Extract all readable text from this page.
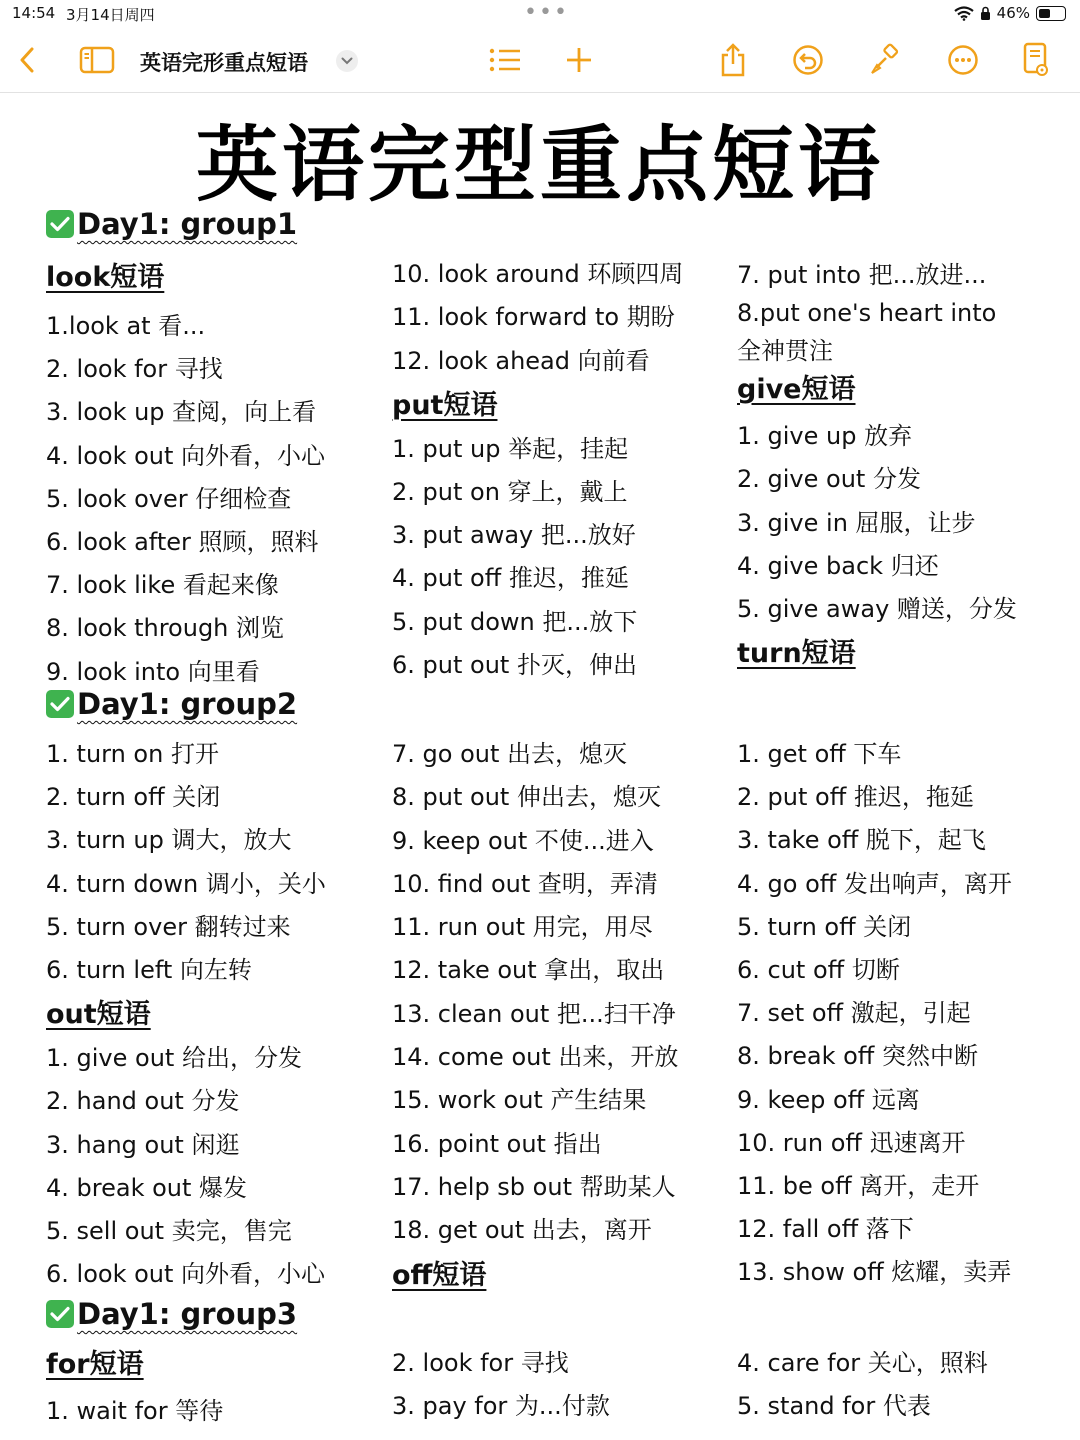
14:54 3月14日周四	•••	46%
英语完形重点短语
英语完型重点短语
Day1: group1
Day1: group2
Day1: group3
look短语
1.look at 看...
2. look for 寻找
3. look up 查阅，向上看
4. look out 向外看，小心
5. look over 仔细检查
6. look after 照顾，照料
7. look like 看起来像
8. look through 浏览
9. look into 向里看
10. look around 环顾四周
11. look forward to 期盼
12. look ahead 向前看
put短语
1. put up 举起，挂起
2. put on 穿上，戴上
3. put away 把...放好
4. put off 推迟，推延
5. put down 把...放下
6. put out 扑灭，伸出
7. put into 把...放进...
8.put one's heart into
全神贯注
give短语
1. give up 放弃
2. give out 分发
3. give in 屈服，让步
4. give back 归还
5. give away 赠送，分发
turn短语
1. turn on 打开
2. turn off 关闭
3. turn up 调大，放大
4. turn down 调小，关小
5. turn over 翻转过来
6. turn left 向左转
out短语
1. give out 给出，分发
2. hand out 分发
3. hang out 闲逛
4. break out 爆发
5. sell out 卖完，售完
6. look out 向外看，小心
7. go out 出去，熄灭
8. put out 伸出去，熄灭
9. keep out 不使...进入
10. find out 查明，弄清
11. run out 用完，用尽
12. take out 拿出，取出
13. clean out 把...扫干净
14. come out 出来，开放
15. work out 产生结果
16. point out 指出
17. help sb out 帮助某人
18. get out 出去，离开
off短语
1. get off 下车
2. put off 推迟，拖延
3. take off 脱下，起飞
4. go off 发出响声，离开
5. turn off 关闭
6. cut off 切断
7. set off 激起，引起
8. break off 突然中断
9. keep off 远离
10. run off 迅速离开
11. be off 离开，走开
12. fall off 落下
13. show off 炫耀，卖弄
for短语
1. wait for 等待
2. look for 寻找
3. pay for 为...付款
4. care for 关心，照料
5. stand for 代表
